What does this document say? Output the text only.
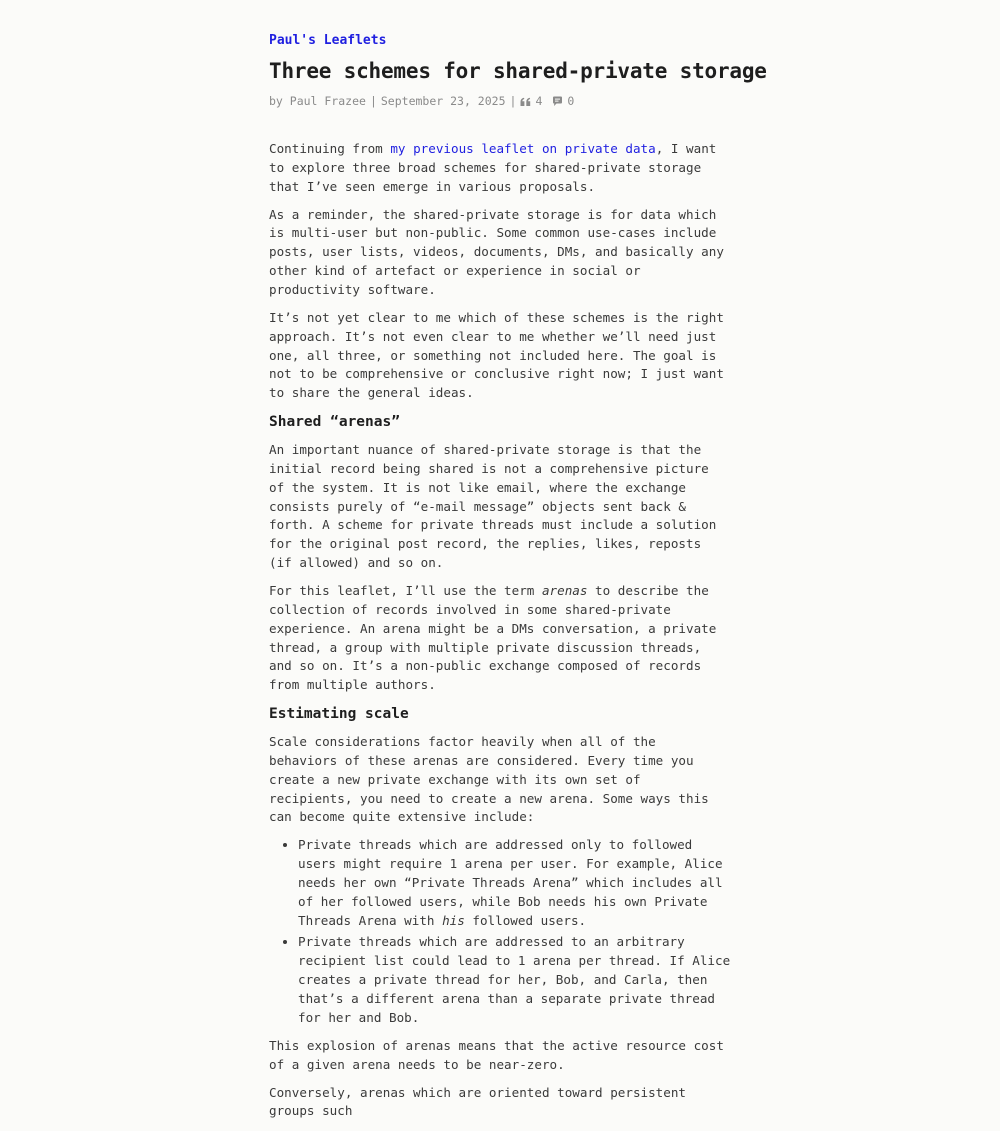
Paul's Leaflets
Three schemes for shared-private storage
by Paul Frazee | September 23, 2025 | 4 0

Continuing from my previous leaflet on private data, I want to explore three broad schemes for shared-private storage that I’ve seen emerge in various proposals.

As a reminder, the shared-private storage is for data which is multi-user but non-public. Some common use-cases include posts, user lists, videos, documents, DMs, and basically any other kind of artefact or experience in social or productivity software.

It’s not yet clear to me which of these schemes is the right approach. It’s not even clear to me whether we’ll need just one, all three, or something not included here. The goal is not to be comprehensive or conclusive right now; I just want to share the general ideas.

Shared “arenas”

An important nuance of shared-private storage is that the initial record being shared is not a comprehensive picture of the system. It is not like email, where the exchange consists purely of “e-mail message” objects sent back & forth. A scheme for private threads must include a solution for the original post record, the replies, likes, reposts (if allowed) and so on.

For this leaflet, I’ll use the term arenas to describe the collection of records involved in some shared-private experience. An arena might be a DMs conversation, a private thread, a group with multiple private discussion threads, and so on. It’s a non-public exchange composed of records from multiple authors.

Estimating scale

Scale considerations factor heavily when all of the behaviors of these arenas are considered. Every time you create a new private exchange with its own set of recipients, you need to create a new arena. Some ways this can become quite extensive include:

• Private threads which are addressed only to followed users might require 1 arena per user. For example, Alice needs her own “Private Threads Arena” which includes all of her followed users, while Bob needs his own Private Threads Arena with his followed users.
• Private threads which are addressed to an arbitrary recipient list could lead to 1 arena per thread. If Alice creates a private thread for her, Bob, and Carla, then that’s a different arena than a separate private thread for her and Bob.

This explosion of arenas means that the active resource cost of a given arena needs to be near-zero.

Conversely, arenas which are oriented toward persistent groups such
